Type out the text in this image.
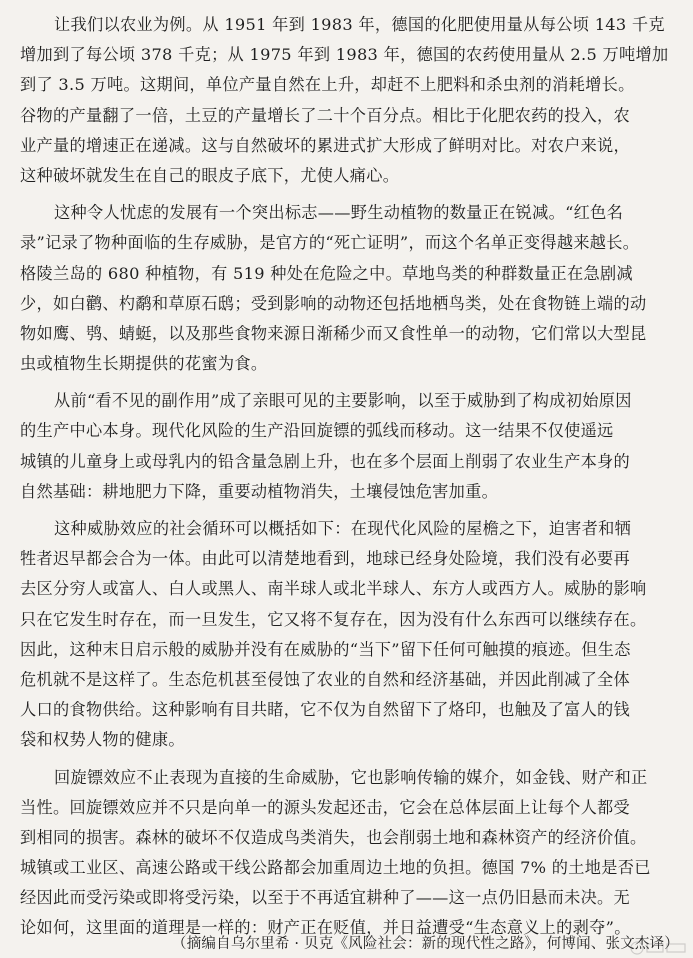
让我们以农业为例。从 1951 年到 1983 年，德国的化肥使用量从每公顷 143 千克
增加到了每公顷 378 千克；从 1975 年到 1983 年，德国的农药使用量从 2.5 万吨增加
到了 3.5 万吨。这期间，单位产量自然在上升，却赶不上肥料和杀虫剂的消耗增长。
谷物的产量翻了一倍，土豆的产量增长了二十个百分点。相比于化肥农药的投入，农
业产量的增速正在递减。这与自然破坏的累进式扩大形成了鲜明对比。对农户来说，
这种破坏就发生在自己的眼皮子底下，尤使人痛心。
这种令人忧虑的发展有一个突出标志——野生动植物的数量正在锐减。“红色名
录”记录了物种面临的生存威胁，是官方的“死亡证明”，而这个名单正变得越来越长。
格陵兰岛的 680 种植物，有 519 种处在危险之中。草地鸟类的种群数量正在急剧减
少，如白鹳、杓鹬和草原石鸱；受到影响的动物还包括地栖鸟类，处在食物链上端的动
物如鹰、鸮、蜻蜓，以及那些食物来源日渐稀少而又食性单一的动物，它们常以大型昆
虫或植物生长期提供的花蜜为食。
从前“看不见的副作用”成了亲眼可见的主要影响，以至于威胁到了构成初始原因
的生产中心本身。现代化风险的生产沿回旋镖的弧线而移动。这一结果不仅使遥远
城镇的儿童身上或母乳内的铅含量急剧上升，也在多个层面上削弱了农业生产本身的
自然基础：耕地肥力下降，重要动植物消失，土壤侵蚀危害加重。
这种威胁效应的社会循环可以概括如下：在现代化风险的屋檐之下，迫害者和牺
牲者迟早都会合为一体。由此可以清楚地看到，地球已经身处险境，我们没有必要再
去区分穷人或富人、白人或黑人、南半球人或北半球人、东方人或西方人。威胁的影响
只在它发生时存在，而一旦发生，它又将不复存在，因为没有什么东西可以继续存在。
因此，这种末日启示般的威胁并没有在威胁的“当下”留下任何可触摸的痕迹。但生态
危机就不是这样了。生态危机甚至侵蚀了农业的自然和经济基础，并因此削减了全体
人口的食物供给。这种影响有目共睹，它不仅为自然留下了烙印，也触及了富人的钱
袋和权势人物的健康。
回旋镖效应不止表现为直接的生命威胁，它也影响传输的媒介，如金钱、财产和正
当性。回旋镖效应并不只是向单一的源头发起还击，它会在总体层面上让每个人都受
到相同的损害。森林的破坏不仅造成鸟类消失，也会削弱土地和森林资产的经济价值。
城镇或工业区、高速公路或干线公路都会加重周边土地的负担。德国 7% 的土地是否已
经因此而受污染或即将受污染，以至于不再适宜耕种了——这一点仍旧悬而未决。无
论如何，这里面的道理是一样的：财产正在贬值，并日益遭受“生态意义上的剥夺”。
（摘编自乌尔里希 · 贝克《风险社会：新的现代性之路》，何博闻、张文杰译）
